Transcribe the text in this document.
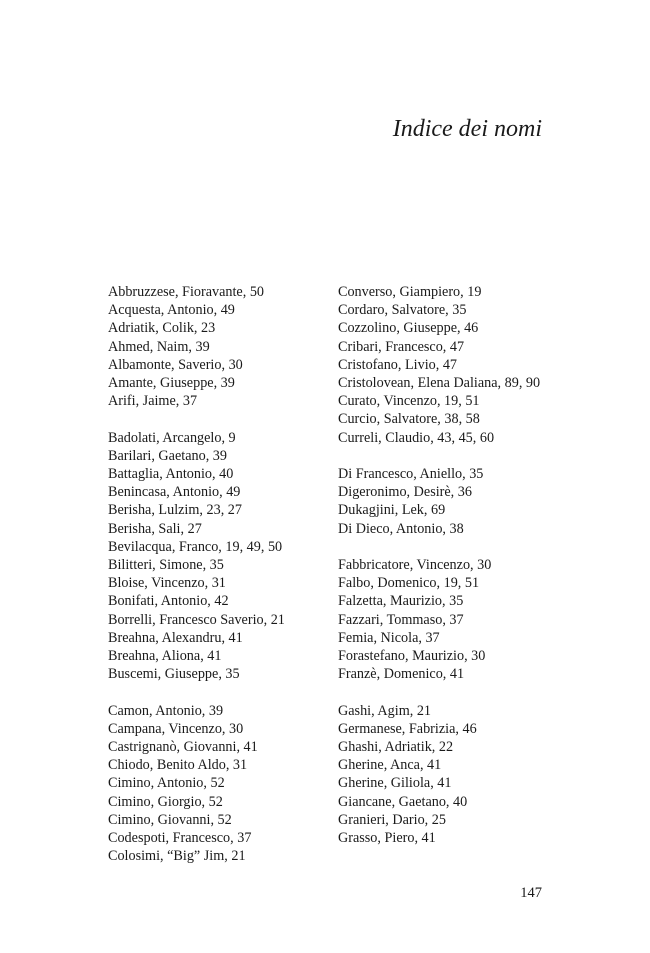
Indice dei nomi
Abbruzzese, Fioravante, 50
Acquesta, Antonio, 49
Adriatik, Colik, 23
Ahmed, Naim, 39
Albamonte, Saverio, 30
Amante, Giuseppe, 39
Arifi, Jaime, 37
Badolati, Arcangelo, 9
Barilari, Gaetano, 39
Battaglia, Antonio, 40
Benincasa, Antonio, 49
Berisha, Lulzim, 23, 27
Berisha, Sali, 27
Bevilacqua, Franco, 19, 49, 50
Bilitteri, Simone, 35
Bloise, Vincenzo, 31
Bonifati, Antonio, 42
Borrelli, Francesco Saverio, 21
Breahna, Alexandru, 41
Breahna, Aliona, 41
Buscemi, Giuseppe, 35
Camon, Antonio, 39
Campana, Vincenzo, 30
Castrignanò, Giovanni, 41
Chiodo, Benito Aldo, 31
Cimino, Antonio, 52
Cimino, Giorgio, 52
Cimino, Giovanni, 52
Codespoti, Francesco, 37
Colosimi, “Big” Jim, 21
Converso, Giampiero, 19
Cordaro, Salvatore, 35
Cozzolino, Giuseppe, 46
Cribari, Francesco, 47
Cristofano, Livio, 47
Cristolovean, Elena Daliana, 89, 90
Curato, Vincenzo, 19, 51
Curcio, Salvatore, 38, 58
Curreli, Claudio, 43, 45, 60
Di Francesco, Aniello, 35
Digeronimo, Desirè, 36
Dukagjini, Lek, 69
Di Dieco, Antonio, 38
Fabbricatore, Vincenzo, 30
Falbo, Domenico, 19, 51
Falzetta, Maurizio, 35
Fazzari, Tommaso, 37
Femia, Nicola, 37
Forastefano, Maurizio, 30
Franzè, Domenico, 41
Gashi, Agim, 21
Germanese, Fabrizia, 46
Ghashi, Adriatik, 22
Gherine, Anca, 41
Gherine, Giliola, 41
Giancane, Gaetano, 40
Granieri, Dario, 25
Grasso, Piero, 41
147
